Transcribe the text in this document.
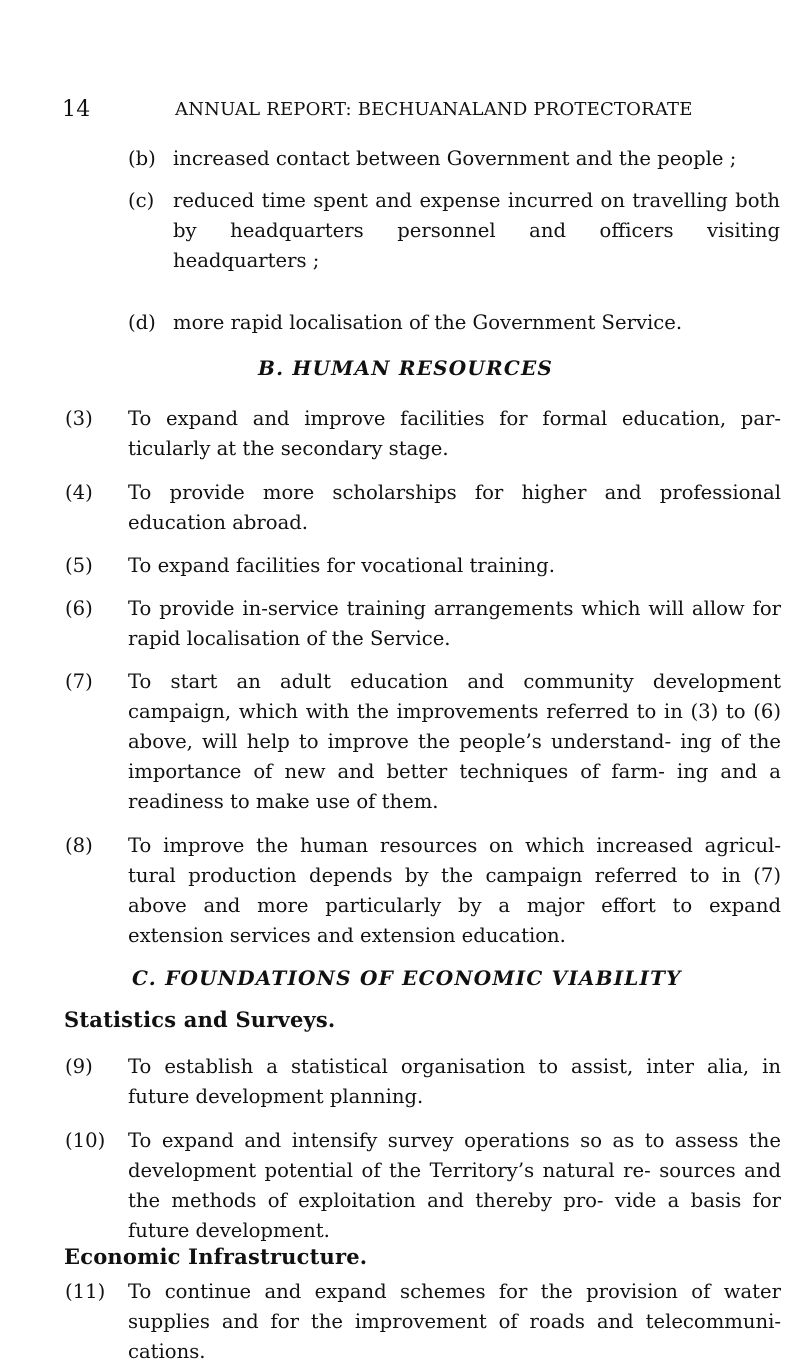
14	ANNUAL REPORT: BECHUANALAND PROTECTORATE
(b) increased contact between Government and the people ;
(c) reduced time spent and expense incurred on travelling both by headquarters personnel and officers visiting headquarters ;
(d) more rapid localisation of the Government Service.
B. HUMAN RESOURCES
(3) To expand and improve facilities for formal education, par- ticularly at the secondary stage.
(4) To provide more scholarships for higher and professional education abroad.
(5) To expand facilities for vocational training.
(6) To provide in-service training arrangements which will allow for rapid localisation of the Service.
(7) To start an adult education and community development campaign, which with the improvements referred to in (3) to (6) above, will help to improve the people’s understand- ing of the importance of new and better techniques of farm- ing and a readiness to make use of them.
(8) To improve the human resources on which increased agricul- tural production depends by the campaign referred to in (7) above and more particularly by a major effort to expand extension services and extension education.
C. FOUNDATIONS OF ECONOMIC VIABILITY
Statistics and Surveys.
(9) To establish a statistical organisation to assist, inter alia, in future development planning.
(10) To expand and intensify survey operations so as to assess the development potential of the Territory’s natural re- sources and the methods of exploitation and thereby pro- vide a basis for future development.
Economic Infrastructure.
(11) To continue and expand schemes for the provision of water supplies and for the improvement of roads and telecommuni- cations.
